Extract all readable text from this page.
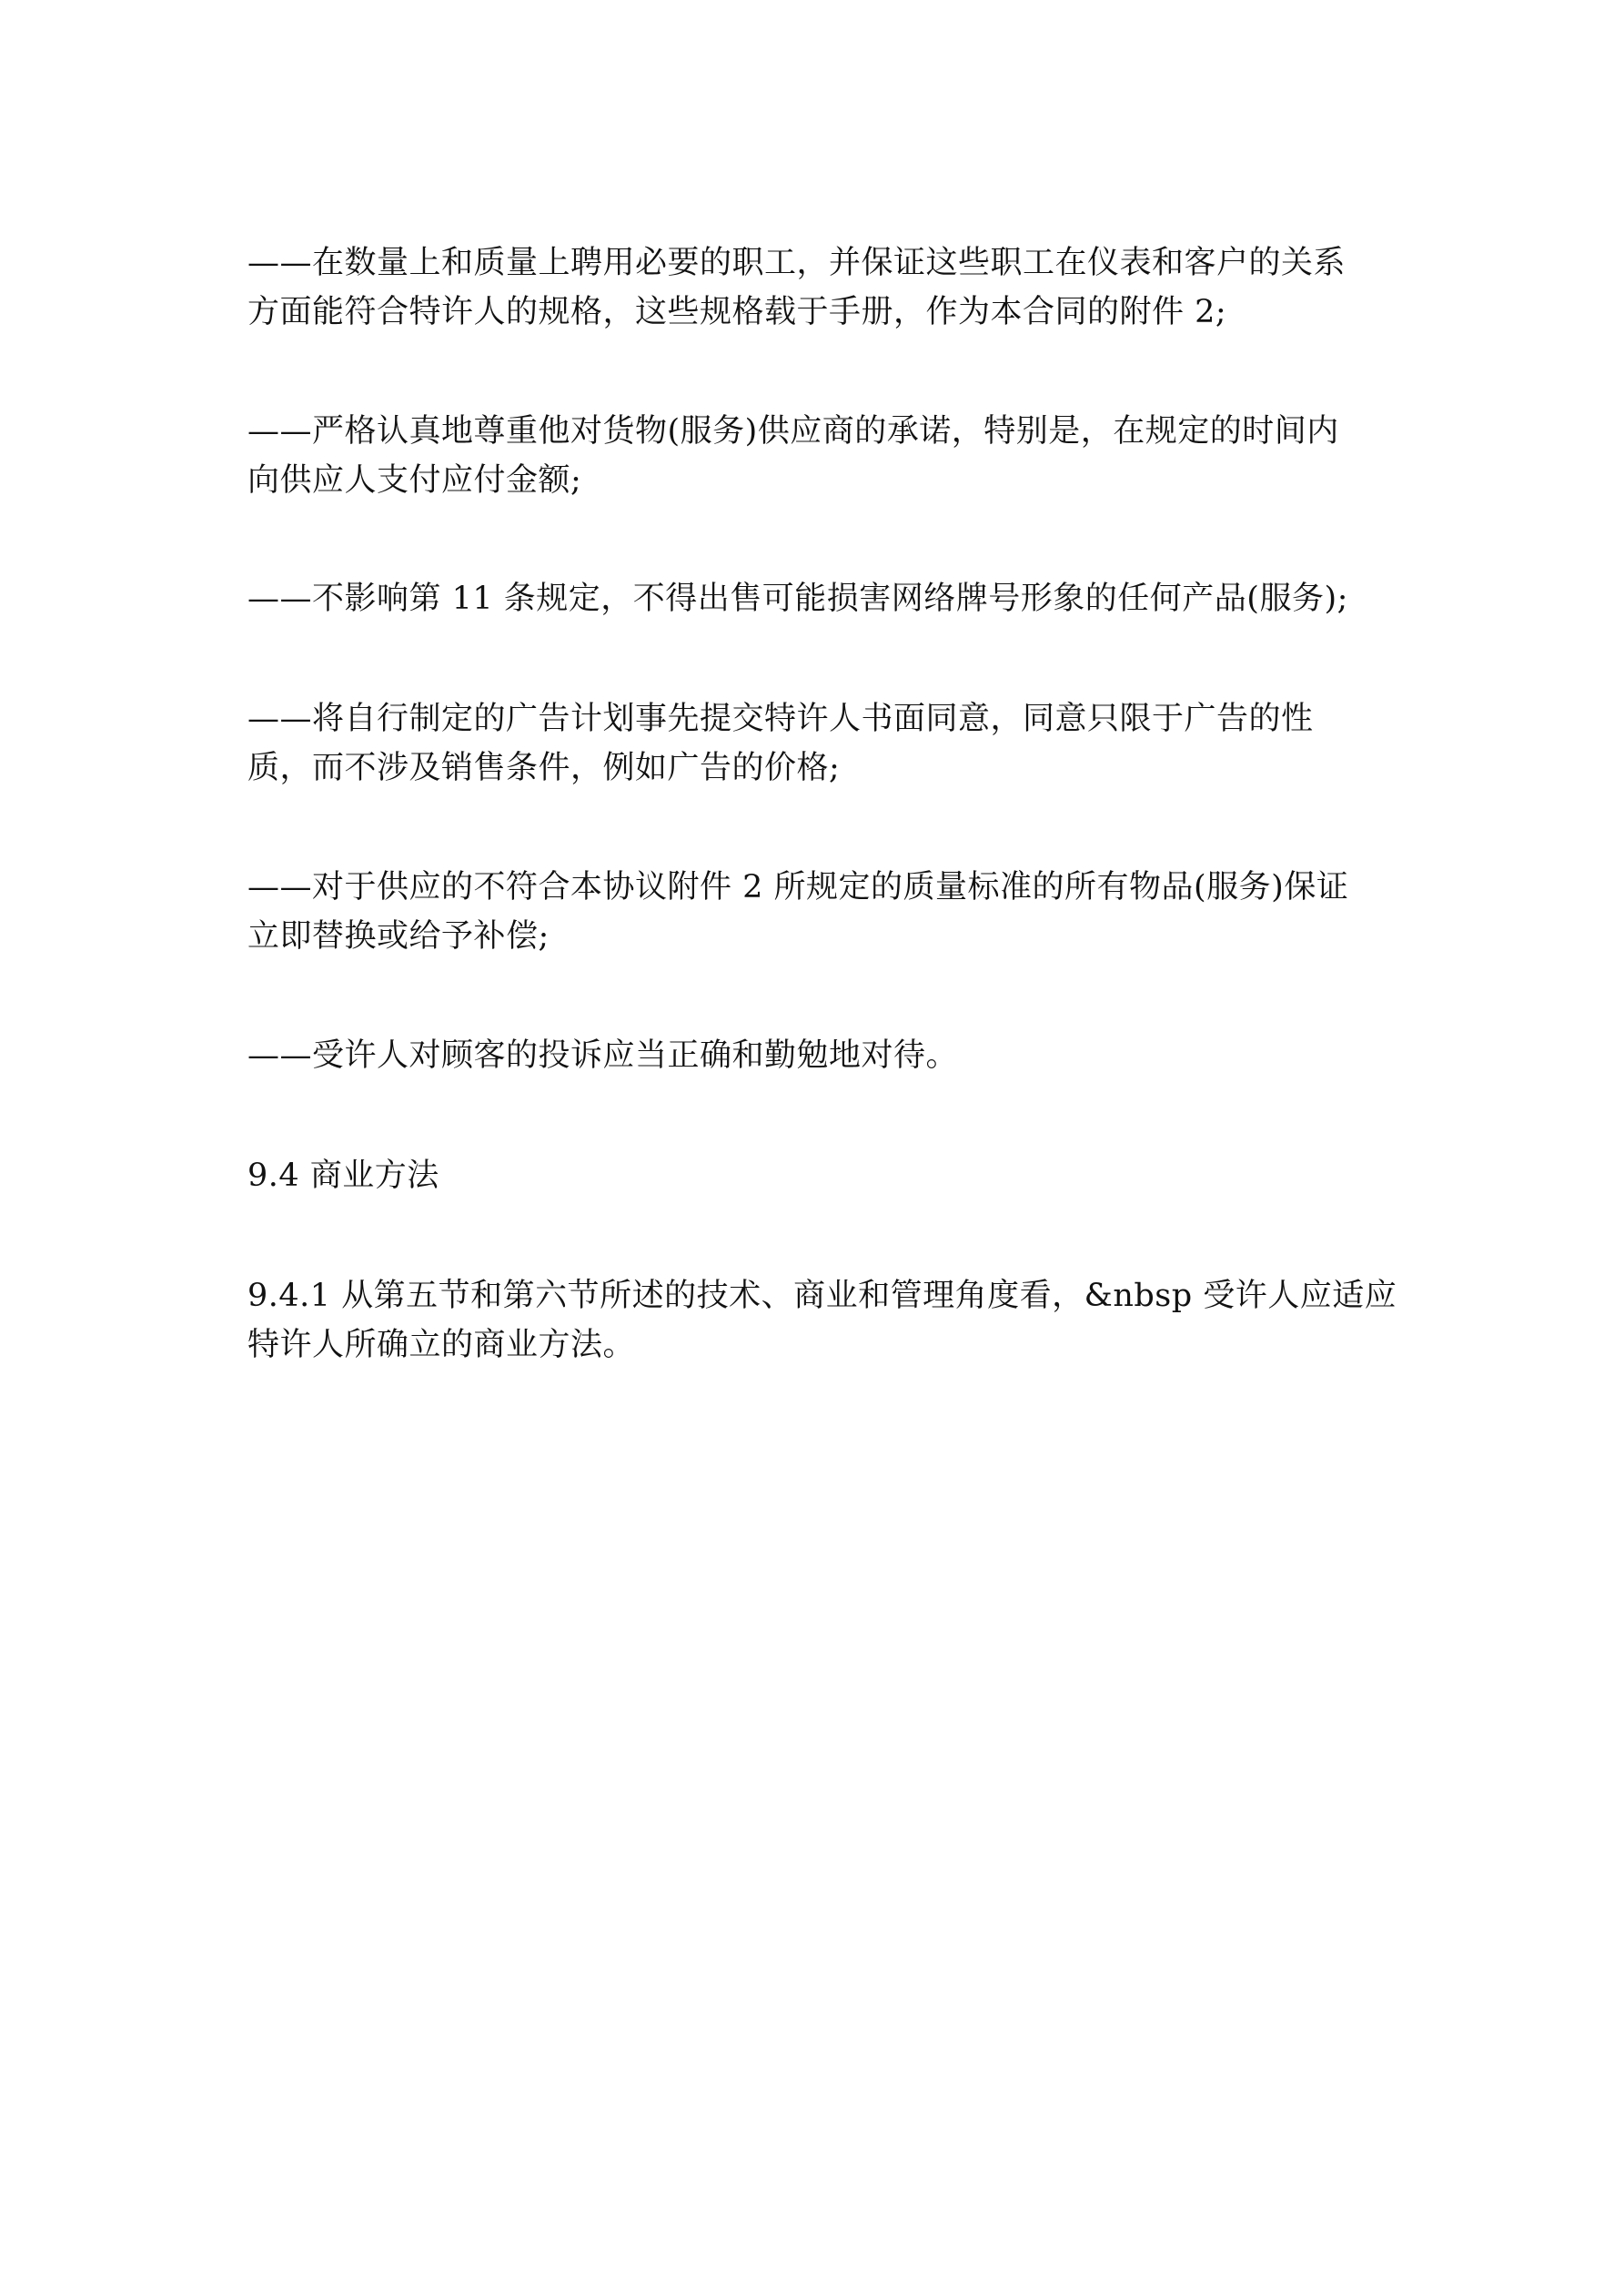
——在数量上和质量上聘用必要的职工，并保证这些职工在仪表和客户的关系
方面能符合特许人的规格，这些规格载于手册，作为本合同的附件 2;

——严格认真地尊重他对货物(服务)供应商的承诺，特别是，在规定的时间内
向供应人支付应付金额;

——不影响第 11 条规定，不得出售可能损害网络牌号形象的任何产品(服务);

——将自行制定的广告计划事先提交特许人书面同意，同意只限于广告的性
质，而不涉及销售条件，例如广告的价格;

——对于供应的不符合本协议附件 2 所规定的质量标准的所有物品(服务)保证
立即替换或给予补偿;

——受许人对顾客的投诉应当正确和勤勉地对待。

9.4 商业方法

9.4.1 从第五节和第六节所述的技术、商业和管理角度看，&nbsp 受许人应适应
特许人所确立的商业方法。
